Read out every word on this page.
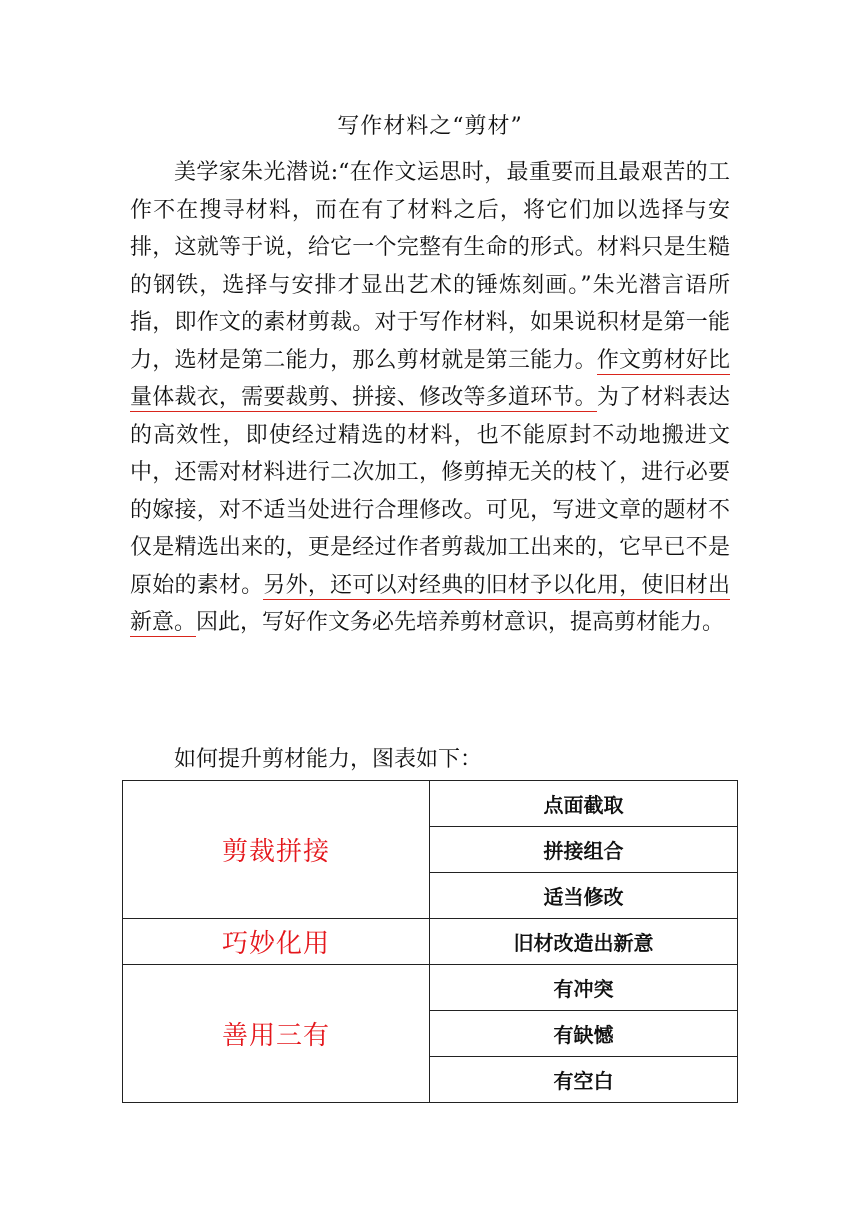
写作材料之“剪材”

美学家朱光潜说:“在作文运思时，最重要而且最艰苦的工作不在搜寻材料，而在有了材料之后，将它们加以选择与安排，这就等于说，给它一个完整有生命的形式。材料只是生糙的钢铁，选择与安排才显出艺术的锤炼刻画。”朱光潜言语所指，即作文的素材剪裁。对于写作材料，如果说积材是第一能力，选材是第二能力，那么剪材就是第三能力。作文剪材好比量体裁衣，需要裁剪、拼接、修改等多道环节。为了材料表达的高效性，即使经过精选的材料，也不能原封不动地搬进文中，还需对材料进行二次加工，修剪掉无关的枝丫，进行必要的嫁接，对不适当处进行合理修改。可见，写进文章的题材不仅是精选出来的，更是经过作者剪裁加工出来的，它早已不是原始的素材。另外，还可以对经典的旧材予以化用，使旧材出新意。因此，写好作文务必先培养剪材意识，提高剪材能力。

如何提升剪材能力，图表如下：
剪裁拼接	点面截取
	拼接组合
	适当修改
巧妙化用	旧材改造出新意
善用三有	有冲突
	有缺憾
	有空白
